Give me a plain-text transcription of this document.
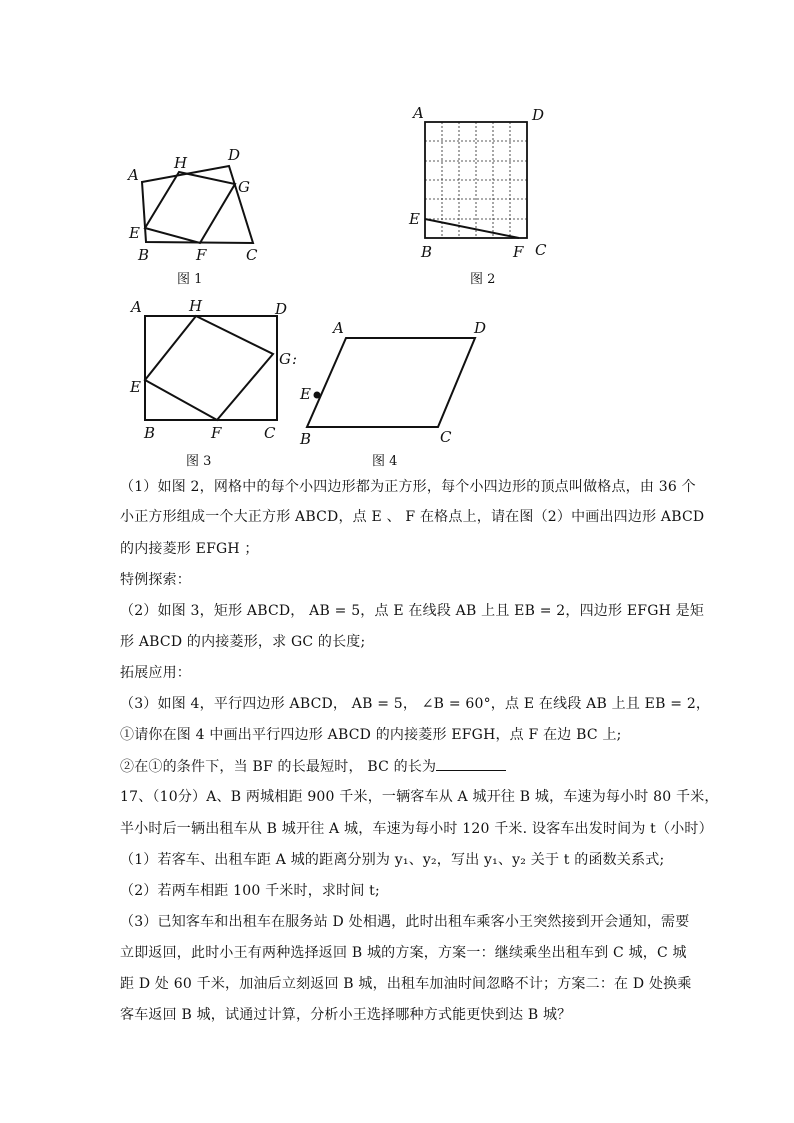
A
H	D
G
E
B	F	C
图 1
A	D
E
B	F C
图 2
A	H	D
G :
E
B	F	C
图 3
A	D
E
B	C
图 4
（1）如图 2，网格中的每个小四边形都为正方形，每个小四边形的顶点叫做格点，由 36 个
小正方形组成一个大正方形 ABCD，点 E 、 F 在格点上，请在图（2）中画出四边形 ABCD
的内接菱形 EFGH ；
特例探索：
（2）如图 3，矩形 ABCD， AB = 5，点 E 在线段 AB 上且 EB = 2，四边形 EFGH 是矩
形 ABCD 的内接菱形，求 GC 的长度;
拓展应用：
（3）如图 4，平行四边形 ABCD， AB = 5， ∠B = 60°，点 E 在线段 AB 上且 EB = 2，
①请你在图 4 中画出平行四边形 ABCD 的内接菱形 EFGH，点 F 在边 BC 上;
②在①的条件下，当 BF 的长最短时， BC 的长为
17、（10分）A、B 两城相距 900 千米，一辆客车从 A 城开往 B 城，车速为每小时 80 千米，
半小时后一辆出租车从 B 城开往 A 城，车速为每小时 120 千米. 设客车出发时间为 t（小时）
（1）若客车、出租车距 A 城的距离分别为 y₁、y₂，写出 y₁、y₂ 关于 t 的函数关系式;
（2）若两车相距 100 千米时，求时间 t;
（3）已知客车和出租车在服务站 D 处相遇，此时出租车乘客小王突然接到开会通知，需要
立即返回，此时小王有两种选择返回 B 城的方案，方案一：继续乘坐出租车到 C 城，C 城
距 D 处 60 千米，加油后立刻返回 B 城，出租车加油时间忽略不计；方案二：在 D 处换乘
客车返回 B 城，试通过计算，分析小王选择哪种方式能更快到达 B 城？
